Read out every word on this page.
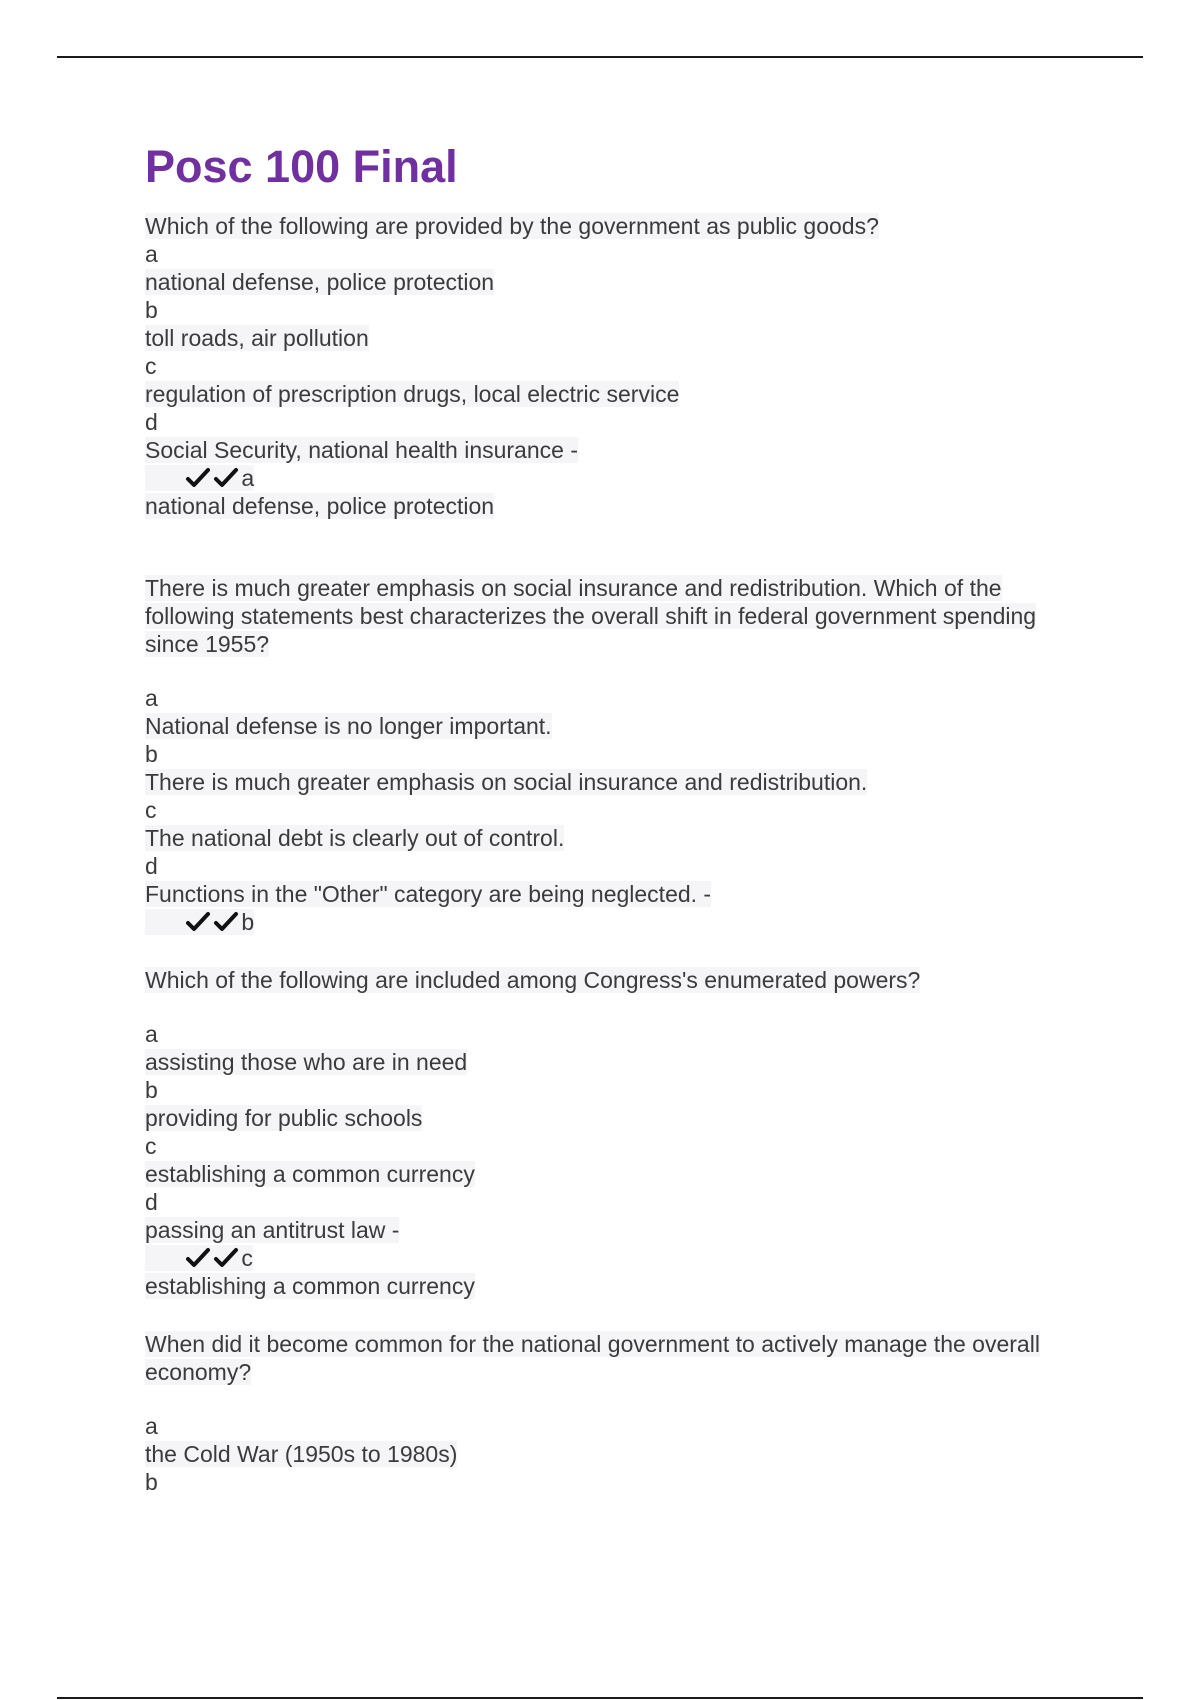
Posc 100 Final
Which of the following are provided by the government as public goods?
a
national defense, police protection
b
toll roads, air pollution
c
regulation of prescription drugs, local electric service
d
Social Security, national health insurance -

a
national defense, police protection
There is much greater emphasis on social insurance and redistribution. Which of the
following statements best characterizes the overall shift in federal government spending
since 1955?
a
National defense is no longer important.
b
There is much greater emphasis on social insurance and redistribution.
c
The national debt is clearly out of control.
d
Functions in the "Other" category are being neglected. -

b
Which of the following are included among Congress's enumerated powers?
a
assisting those who are in need
b
providing for public schools
c
establishing a common currency
d
passing an antitrust law -

c
establishing a common currency
When did it become common for the national government to actively manage the overall
economy?
a
the Cold War (1950s to 1980s)
b
